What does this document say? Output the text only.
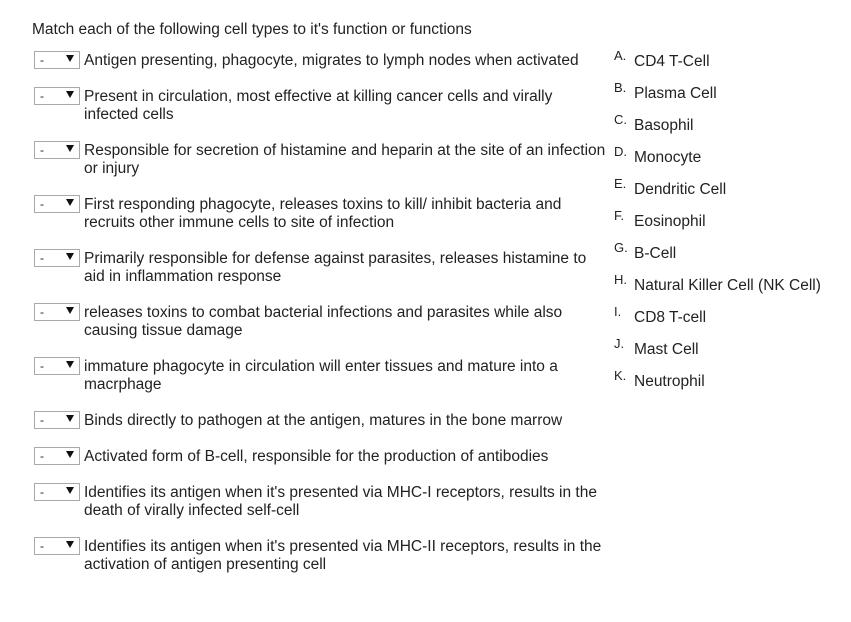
Match each of the following cell types to it's function or functions
-	Antigen presenting, phagocyte, migrates to lymph nodes when activated
-	Present in circulation, most effective at killing cancer cells and virally infected cells
-	Responsible for secretion of histamine and heparin at the site of an infection or injury
-	First responding phagocyte, releases toxins to kill/ inhibit bacteria and recruits other immune cells to site of infection
-	Primarily responsible for defense against parasites, releases histamine to aid in inflammation response
-	releases toxins to combat bacterial infections and parasites while also causing tissue damage
-	immature phagocyte in circulation will enter tissues and mature into a macrphage
-	Binds directly to pathogen at the antigen, matures in the bone marrow
-	Activated form of B-cell, responsible for the production of antibodies
-	Identifies its antigen when it's presented via MHC-I receptors, results in the death of virally infected self-cell
-	Identifies its antigen when it's presented via MHC-II receptors, results in the activation of antigen presenting cell
A. CD4 T-Cell
B. Plasma Cell
C. Basophil
D. Monocyte
E. Dendritic Cell
F. Eosinophil
G. B-Cell
H. Natural Killer Cell (NK Cell)
I. CD8 T-cell
J. Mast Cell
K. Neutrophil
